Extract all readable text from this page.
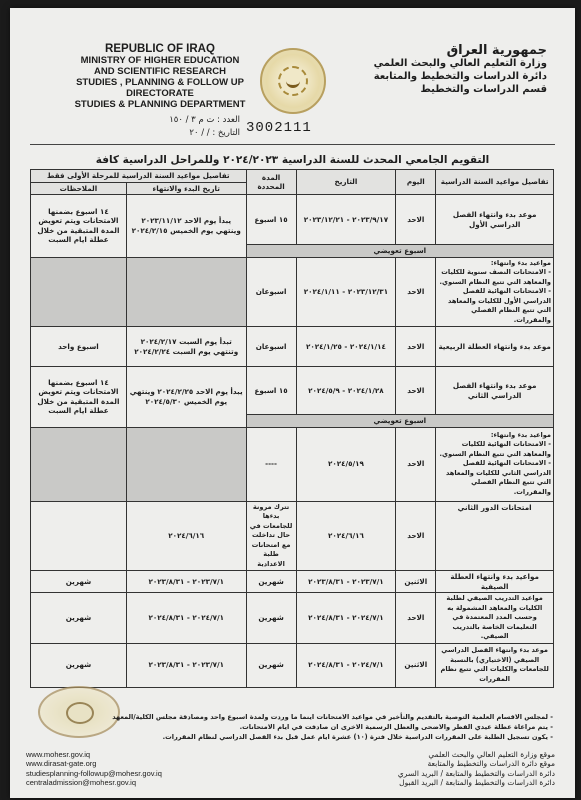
REPUBLIC OF IRAQ
MINISTRY OF HIGHER EDUCATION
AND SCIENTIFIC RESEARCH
STUDIES , PLANNING & FOLLOW UP DIRECTORATE
STUDIES & PLANNING DEPARTMENT
جمهورية العراق
وزارة التعليم العالي والبحث العلمي
دائرة الدراسات والتخطيط والمتابعة
قسم الدراسات والتخطيط
العدد : ت م ٣ / ١٥٠
التاريخ : / / ٢٠ 3002111
التقويم الجامعي المحدث للسنة الدراسية ٢٠٢٤/٢٠٢٣ وللمراحل الدراسية كافة
تفاصيل مواعيد السنة الدراسية	اليوم	التاريخ	المدة المحددة	تفاصيل مواعيد السنة الدراسية للمرحلة الأولى فقط	
				تاريخ البدء والانتهاء	الملاحظات
موعد بدء وانتهاء الفصل الدراسي الأول	الاحد	٢٠٢٣/٩/١٧ - ٢٠٢٣/١٢/٢١	١٥ اسبوع	يبدأ يوم الاحد ٢٠٢٣/١١/١٢ وينتهي يوم الخميس ٢٠٢٤/٢/١٥	١٤ اسبوع بضمنها الامتحانات ويتم تعويض المدة المتبقية من خلال عطلة ايام السبت
اسبوع تعويضي					

مواعيد بدء وانتهاء:
- الامتحانات النصف سنوية للكليات والمعاهد التي تتبع النظام السنوي.
- الامتحانات النهائية للفصل الدراسي الأول للكليات والمعاهد التي تتبع النظام الفصلي والمقررات.	الاحد	٢٠٢٣/١٢/٣١ - ٢٠٢٤/١/١١	اسبوعان		
موعد بدء وانتهاء العطلة الربيعية	الاحد	٢٠٢٤/١/١٤ - ٢٠٢٤/١/٢٥	اسبوعان	تبدأ يوم السبت ٢٠٢٤/٢/١٧ وتنتهي يوم السبت ٢٠٢٤/٢/٢٤	اسبوع واحد
موعد بدء وانتهاء الفصل الدراسي الثاني	الاحد	٢٠٢٤/١/٢٨ - ٢٠٢٤/٥/٩	١٥ اسبوع	يبدأ يوم الاحد ٢٠٢٤/٢/٢٥ وينتهي يوم الخميس ٢٠٢٤/٥/٣٠	١٤ اسبوع بضمنها الامتحانات ويتم تعويض المدة المتبقية من خلال عطلة ايام السبت
اسبوع تعويضي					

مواعيد بدء وانتهاء:
- الامتحانات النهائية للكليات والمعاهد التي تتبع النظام السنوي.
- الامتحانات النهائية للفصل الدراسي الثاني للكليات والمعاهد التي تتبع النظام الفصلي والمقررات.	الاحد	٢٠٢٤/٥/١٩	----		
امتحانات الدور الثاني	الاحد	٢٠٢٤/٦/١٦	تترك مرونة بدءها للجامعات في حال تداخلت مع امتحانات طلبة الاعدادية	٢٠٢٤/٦/١٦	
مواعيد بدء وانتهاء العطلة الصيفية	الاثنين	٢٠٢٣/٧/١ - ٢٠٢٣/٨/٣١	شهرين	٢٠٢٣/٧/١ - ٢٠٢٣/٨/٣١	شهرين
مواعيد التدريب الصيفي لطلبة الكليات والمعاهد المشمولة به وحسب المدد المعتمدة في التعليمات الخاصة بالتدريب الصيفي.	الاحد	٢٠٢٤/٧/١ - ٢٠٢٤/٨/٣١	شهرين	٢٠٢٤/٧/١ - ٢٠٢٤/٨/٣١	شهرين
موعد بدء وانتهاء الفصل الدراسي الصيفي (الاختياري) بالنسبة للجامعات والكليات التي تتبع نظام المقررات	الاثنين	٢٠٢٤/٧/١ - ٢٠٢٤/٨/٣١	شهرين	٢٠٢٣/٧/١ - ٢٠٢٣/٨/٣١	شهرين
- لمجلس الاقسام العلمية التوصية بالتقديم والتأخير في مواعيد الامتحانات اينما ما وردت ولمدة اسبوع واحد ومصادقة مجلس الكلية/المعهد
- يتم مراعاة عطلة عيدي الفطر والاضحى والعطل الرسمية الاخرى ان صادفت في ايام الامتحانات.
- يكون تسجيل الطلبة على المقررات الدراسية خلال فترة (١٠) عشرة ايام عمل قبل بدء الفصل الدراسي لنظام المقررات.
www.mohesr.gov.iq
www.dirasat-gate.org
studiesplanning-followup@mohesr.gov.iq
centraladmission@mohesr.gov.iq
موقع وزارة التعليم العالي والبحث العلمي
موقع دائرة الدراسات والتخطيط والمتابعة
دائرة الدراسات والتخطيط والمتابعة / البريد السري
دائرة الدراسات والتخطيط والمتابعة / البريد القبول
